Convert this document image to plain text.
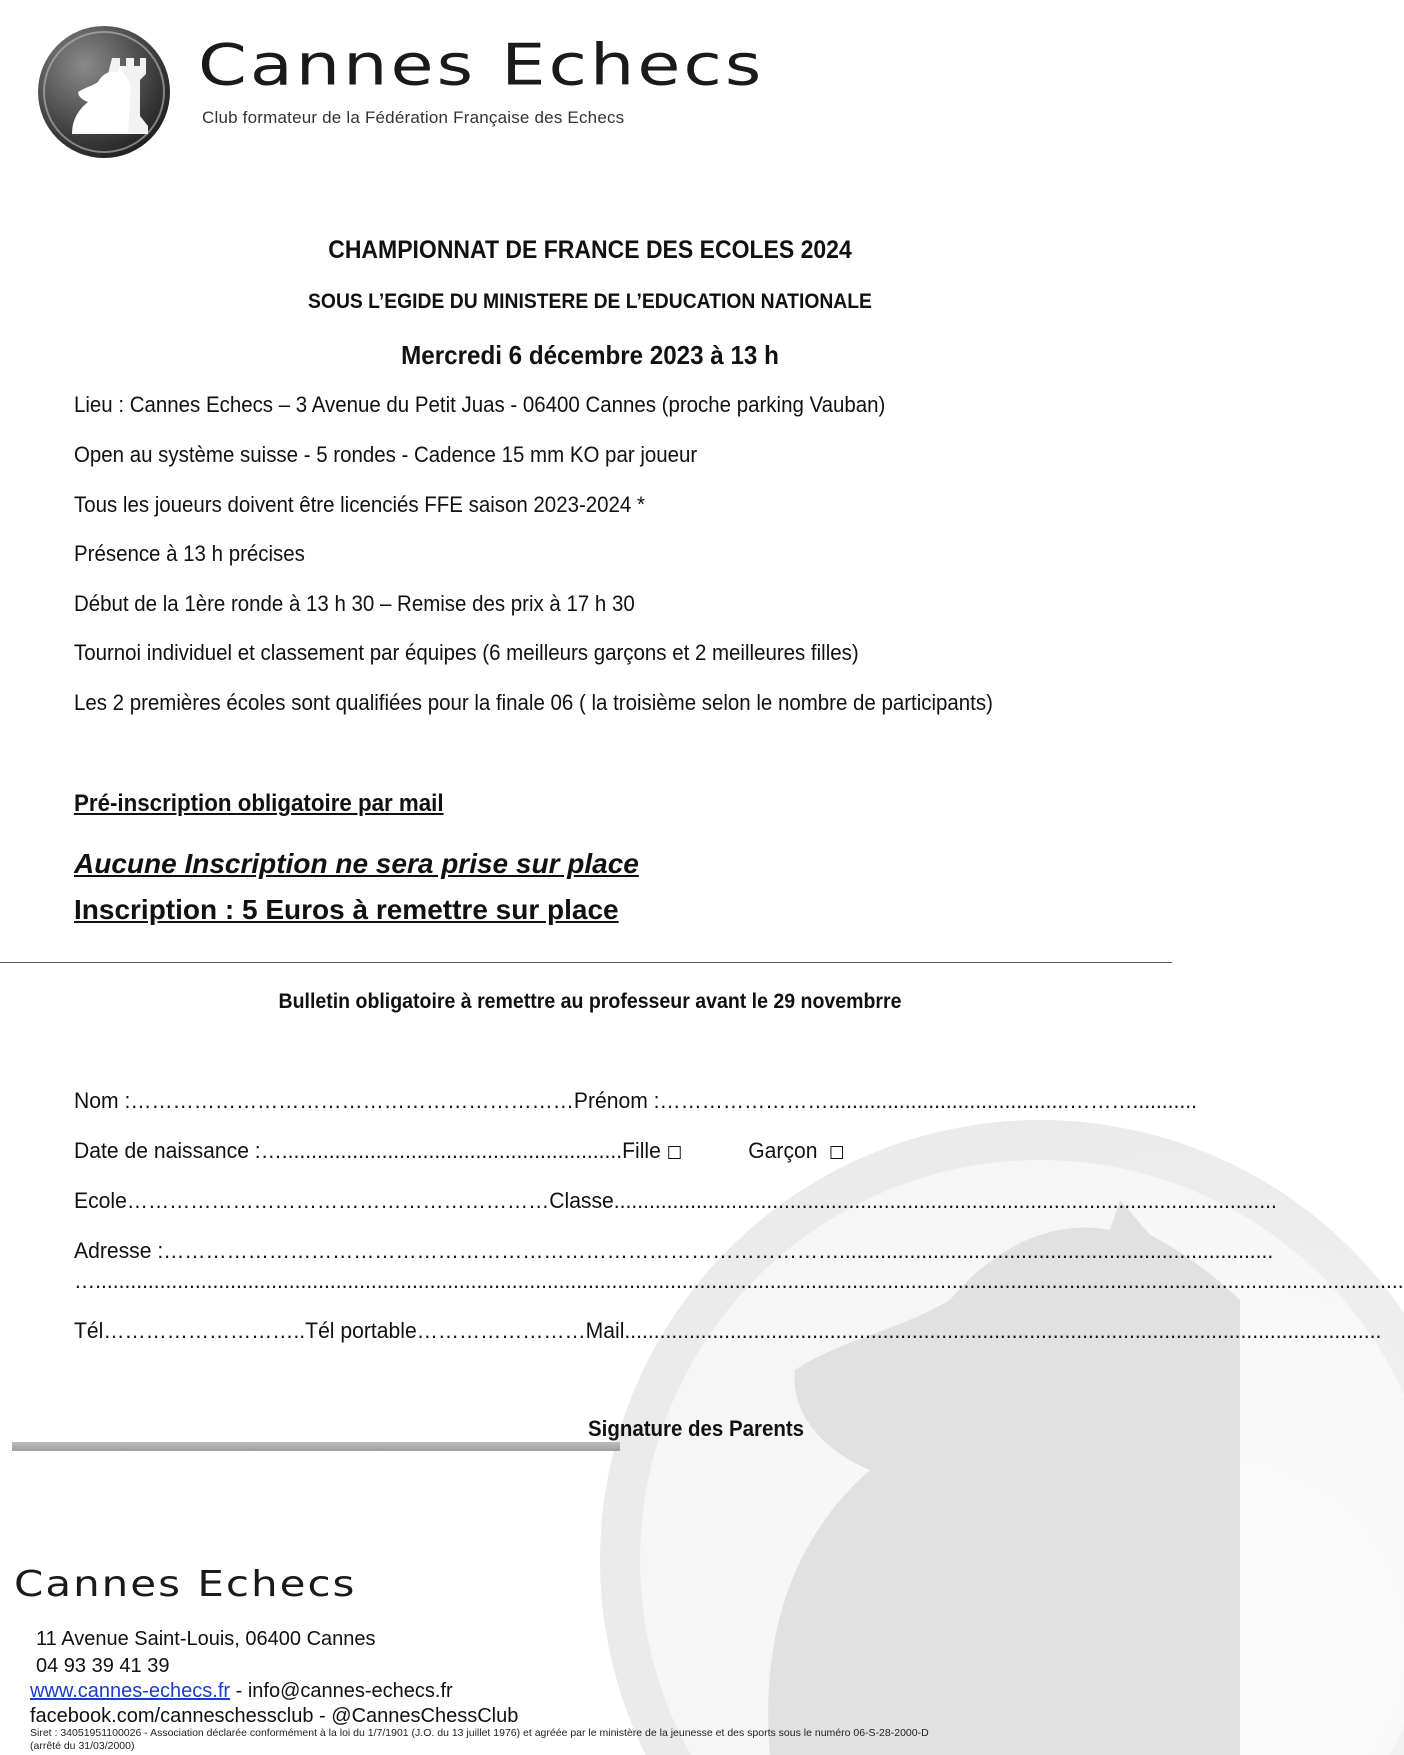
Cannes Echecs
Club formateur de la Fédération Française des Echecs
CHAMPIONNAT DE FRANCE DES ECOLES 2024
SOUS L’EGIDE DU MINISTERE DE L’EDUCATION NATIONALE
Mercredi 6 décembre 2023 à 13 h
Lieu : Cannes Echecs – 3 Avenue du Petit Juas - 06400 Cannes (proche parking Vauban)
Open au système suisse - 5 rondes - Cadence 15 mm KO par joueur
Tous les joueurs doivent être licenciés FFE saison 2023-2024 *
Présence à 13 h précises
Début de la 1ère ronde à 13 h 30 – Remise des prix à 17 h 30
Tournoi individuel et classement par équipes (6 meilleurs garçons et 2 meilleures filles)
Les 2 premières écoles sont qualifiées pour la finale 06 ( la troisième selon le nombre de participants)
Pré-inscription obligatoire par mail
Aucune Inscription ne sera prise sur place
Inscription : 5 Euros à remettre sur place
Bulletin obligatoire à remettre au professeur avant le 29 novembrre
Nom :………………………………………………………Prénom :…………………….........................................………...........
Date de naissance :…..........................................................Fille	Garçon
Ecole……………………………………………………Classe.................................................................................................................
Adresse :……………………………………………………………………………………..........................................................................
…...............................................................................................................................................................................................................................
Tél………………………..Tél portable……………………Mail.................................................................................................................................
Signature des Parents
Cannes Echecs
11 Avenue Saint-Louis, 06400 Cannes
04 93 39 41 39
www.cannes-echecs.fr - info@cannes-echecs.fr
facebook.com/canneschessclub - @CannesChessClub
Siret : 34051951100026 - Association déclarée conformément à la loi du 1/7/1901 (J.O. du 13 juillet 1976) et agréée par le ministère de la jeunesse et des sports sous le numéro 06-S-28-2000-D
(arrêté du 31/03/2000)
